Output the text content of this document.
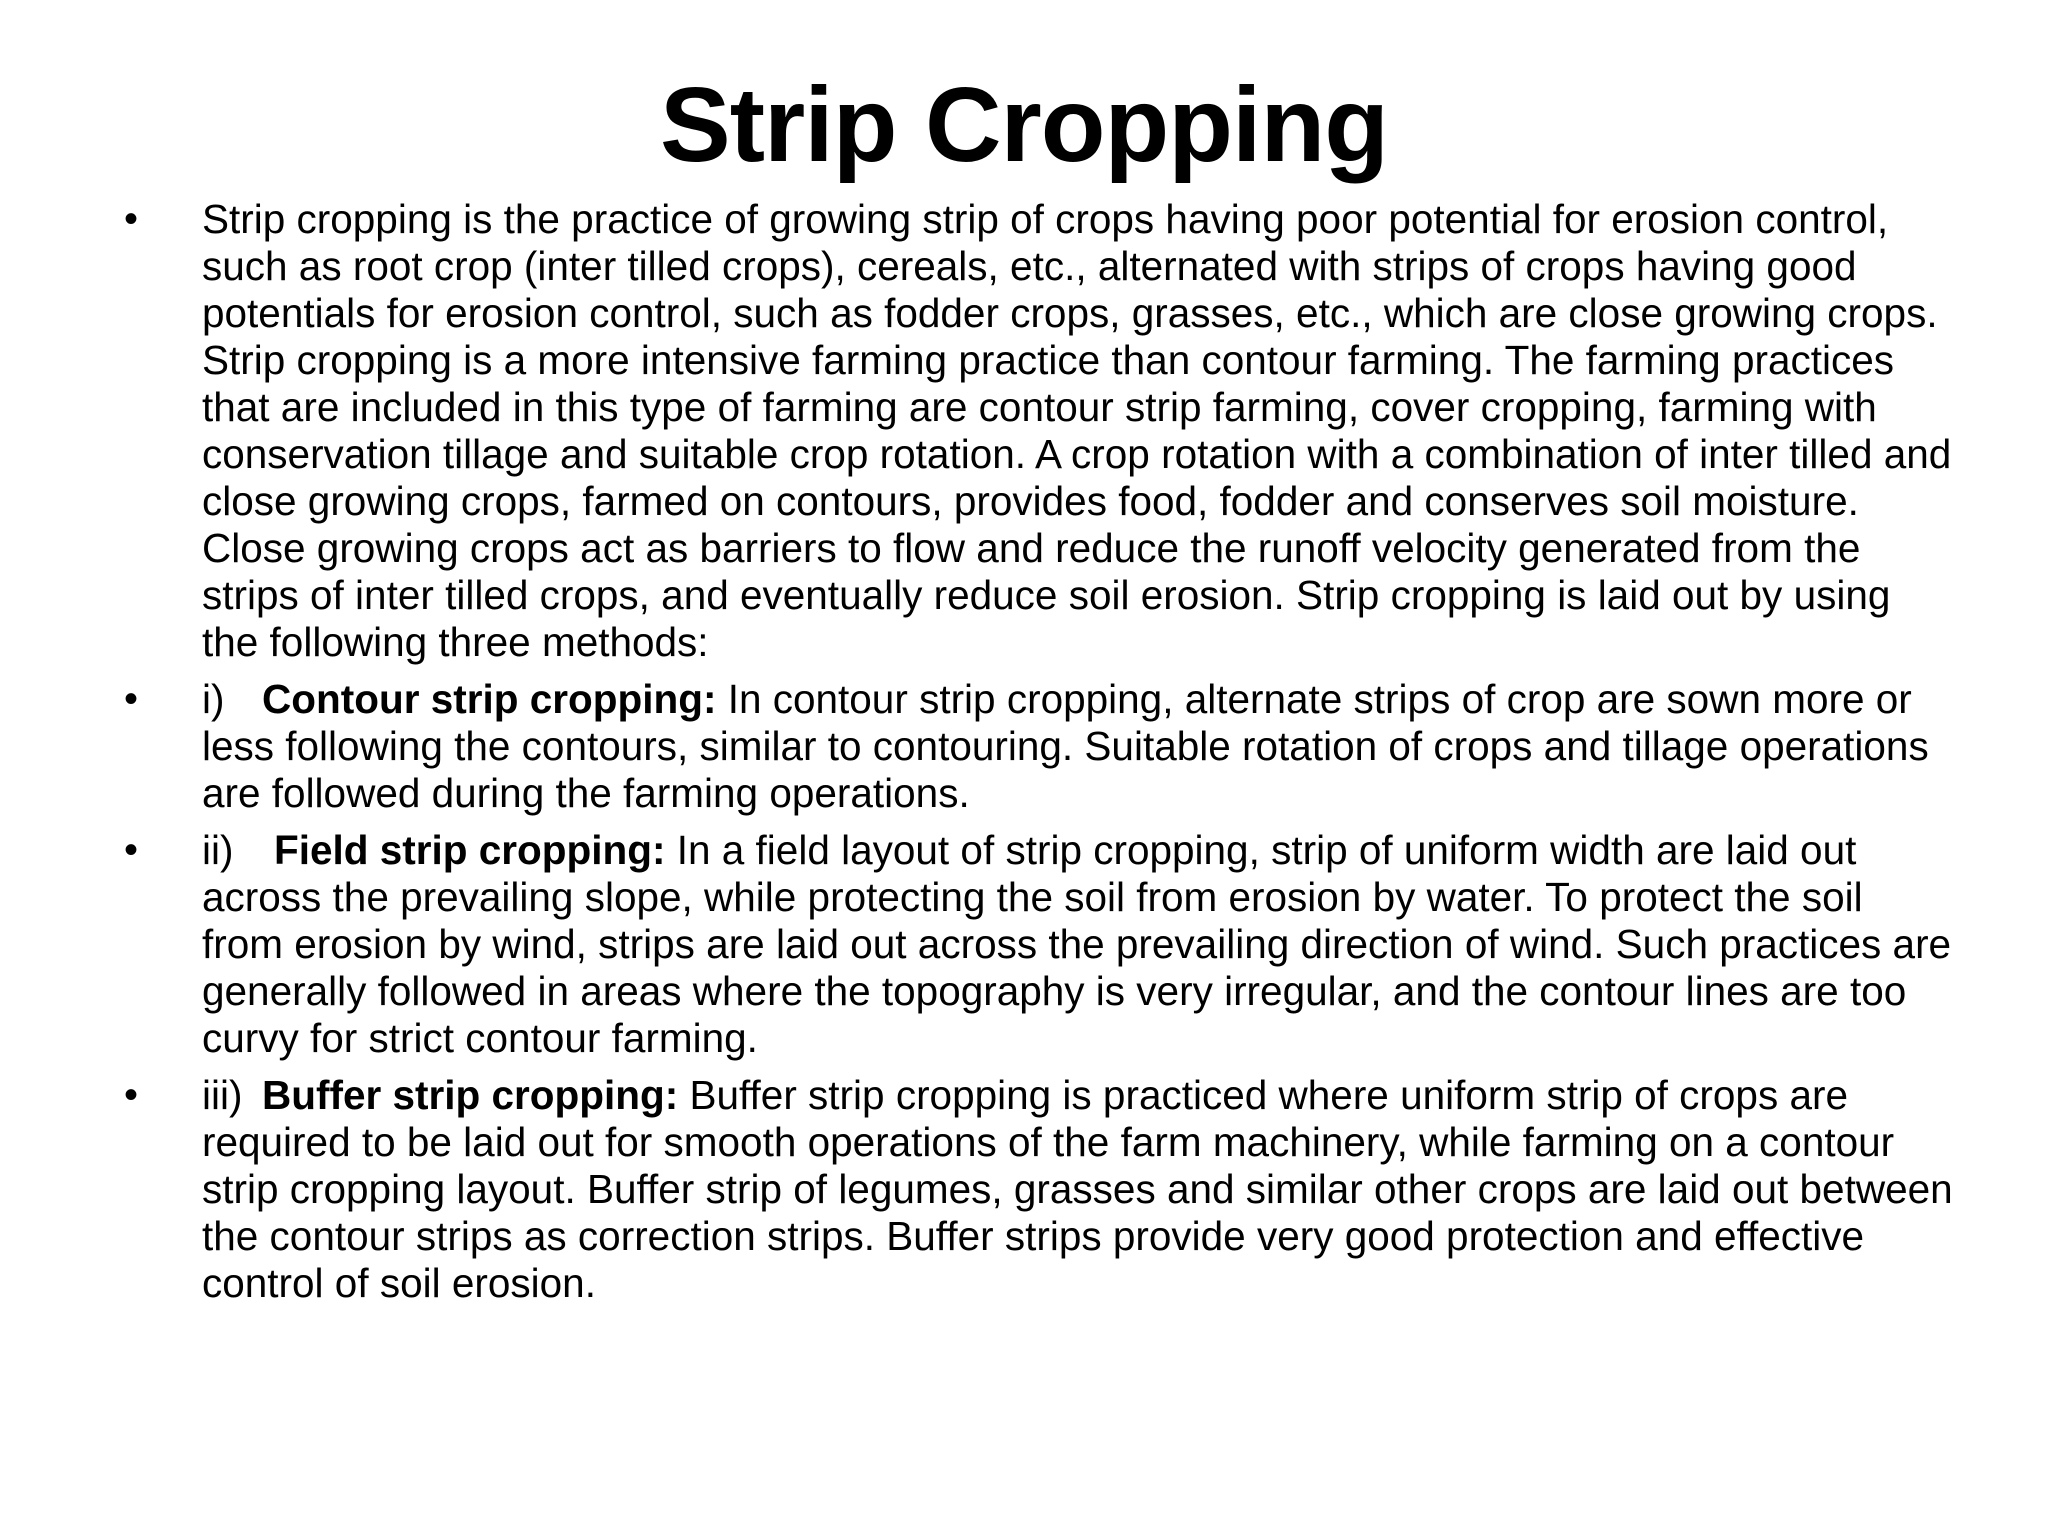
Strip Cropping
• Strip cropping is the practice of growing strip of crops having poor potential for erosion control, such as root crop (inter tilled crops), cereals, etc., alternated with strips of crops having good potentials for erosion control, such as fodder crops, grasses, etc., which are close growing crops. Strip cropping is a more intensive farming practice than contour farming. The farming practices that are included in this type of farming are contour strip farming, cover cropping, farming with conservation tillage and suitable crop rotation. A crop rotation with a combination of inter tilled and close growing crops, farmed on contours, provides food, fodder and conserves soil moisture. Close growing crops act as barriers to flow and reduce the runoff velocity generated from the strips of inter tilled crops, and eventually reduce soil erosion. Strip cropping is laid out by using the following three methods:
• i) Contour strip cropping: In contour strip cropping, alternate strips of crop are sown more or less following the contours, similar to contouring. Suitable rotation of crops and tillage operations are followed during the farming operations.
• ii) Field strip cropping: In a field layout of strip cropping, strip of uniform width are laid out across the prevailing slope, while protecting the soil from erosion by water. To protect the soil from erosion by wind, strips are laid out across the prevailing direction of wind. Such practices are generally followed in areas where the topography is very irregular, and the contour lines are too curvy for strict contour farming.
• iii) Buffer strip cropping: Buffer strip cropping is practiced where uniform strip of crops are required to be laid out for smooth operations of the farm machinery, while farming on a contour strip cropping layout. Buffer strip of legumes, grasses and similar other crops are laid out between the contour strips as correction strips. Buffer strips provide very good protection and effective control of soil erosion.
